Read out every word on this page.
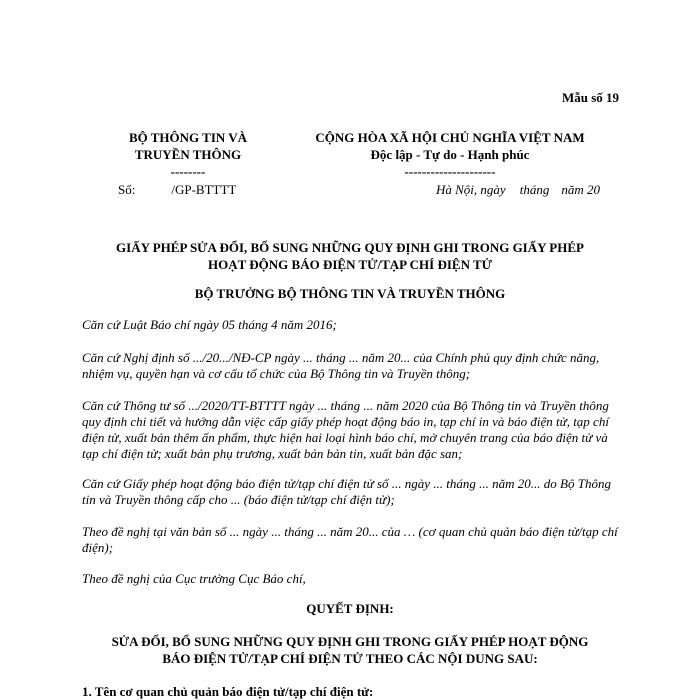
Mẫu số 19
BỘ THÔNG TIN VÀ
TRUYỀN THÔNG
--------
CỘNG HÒA XÃ HỘI CHỦ NGHĨA VIỆT NAM
Độc lập - Tự do - Hạnh phúc
---------------------
Số:	/GP-BTTTT	Hà Nội, ngày tháng năm 20
GIẤY PHÉP SỬA ĐỔI, BỔ SUNG NHỮNG QUY ĐỊNH GHI TRONG GIẤY PHÉP
HOẠT ĐỘNG BÁO ĐIỆN TỬ/TẠP CHÍ ĐIỆN TỬ
BỘ TRƯỞNG BỘ THÔNG TIN VÀ TRUYỀN THÔNG
Căn cứ Luật Báo chí ngày 05 tháng 4 năm 2016;
Căn cứ Nghị định số .../20.../NĐ-CP ngày ... tháng ... năm 20... của Chính phủ quy định chức năng, nhiệm vụ, quyền hạn và cơ cấu tổ chức của Bộ Thông tin và Truyền thông;
Căn cứ Thông tư số .../2020/TT-BTTTT ngày ... tháng ... năm 2020 của Bộ Thông tin và Truyền thông quy định chi tiết và hướng dẫn việc cấp giấy phép hoạt động báo in, tạp chí in và báo điện tử, tạp chí điện tử, xuất bản thêm ấn phẩm, thực hiện hai loại hình báo chí, mở chuyên trang của báo điện tử và tạp chí điện tử; xuất bản phụ trương, xuất bản bản tin, xuất bản đặc san;
Căn cứ Giấy phép hoạt động báo điện tử/tạp chí điện tử số ... ngày ... tháng ... năm 20... do Bộ Thông tin và Truyền thông cấp cho ... (báo điện tử/tạp chí điện tử);
Theo đề nghị tại văn bản số ... ngày ... tháng ... năm 20... của … (cơ quan chủ quản báo điện tử/tạp chí điện);
Theo đề nghị của Cục trưởng Cục Báo chí,
QUYẾT ĐỊNH:
SỬA ĐỔI, BỔ SUNG NHỮNG QUY ĐỊNH GHI TRONG GIẤY PHÉP HOẠT ĐỘNG
BÁO ĐIỆN TỬ/TẠP CHÍ ĐIỆN TỬ THEO CÁC NỘI DUNG SAU:
1. Tên cơ quan chủ quản báo điện tử/tạp chí điện tử:
